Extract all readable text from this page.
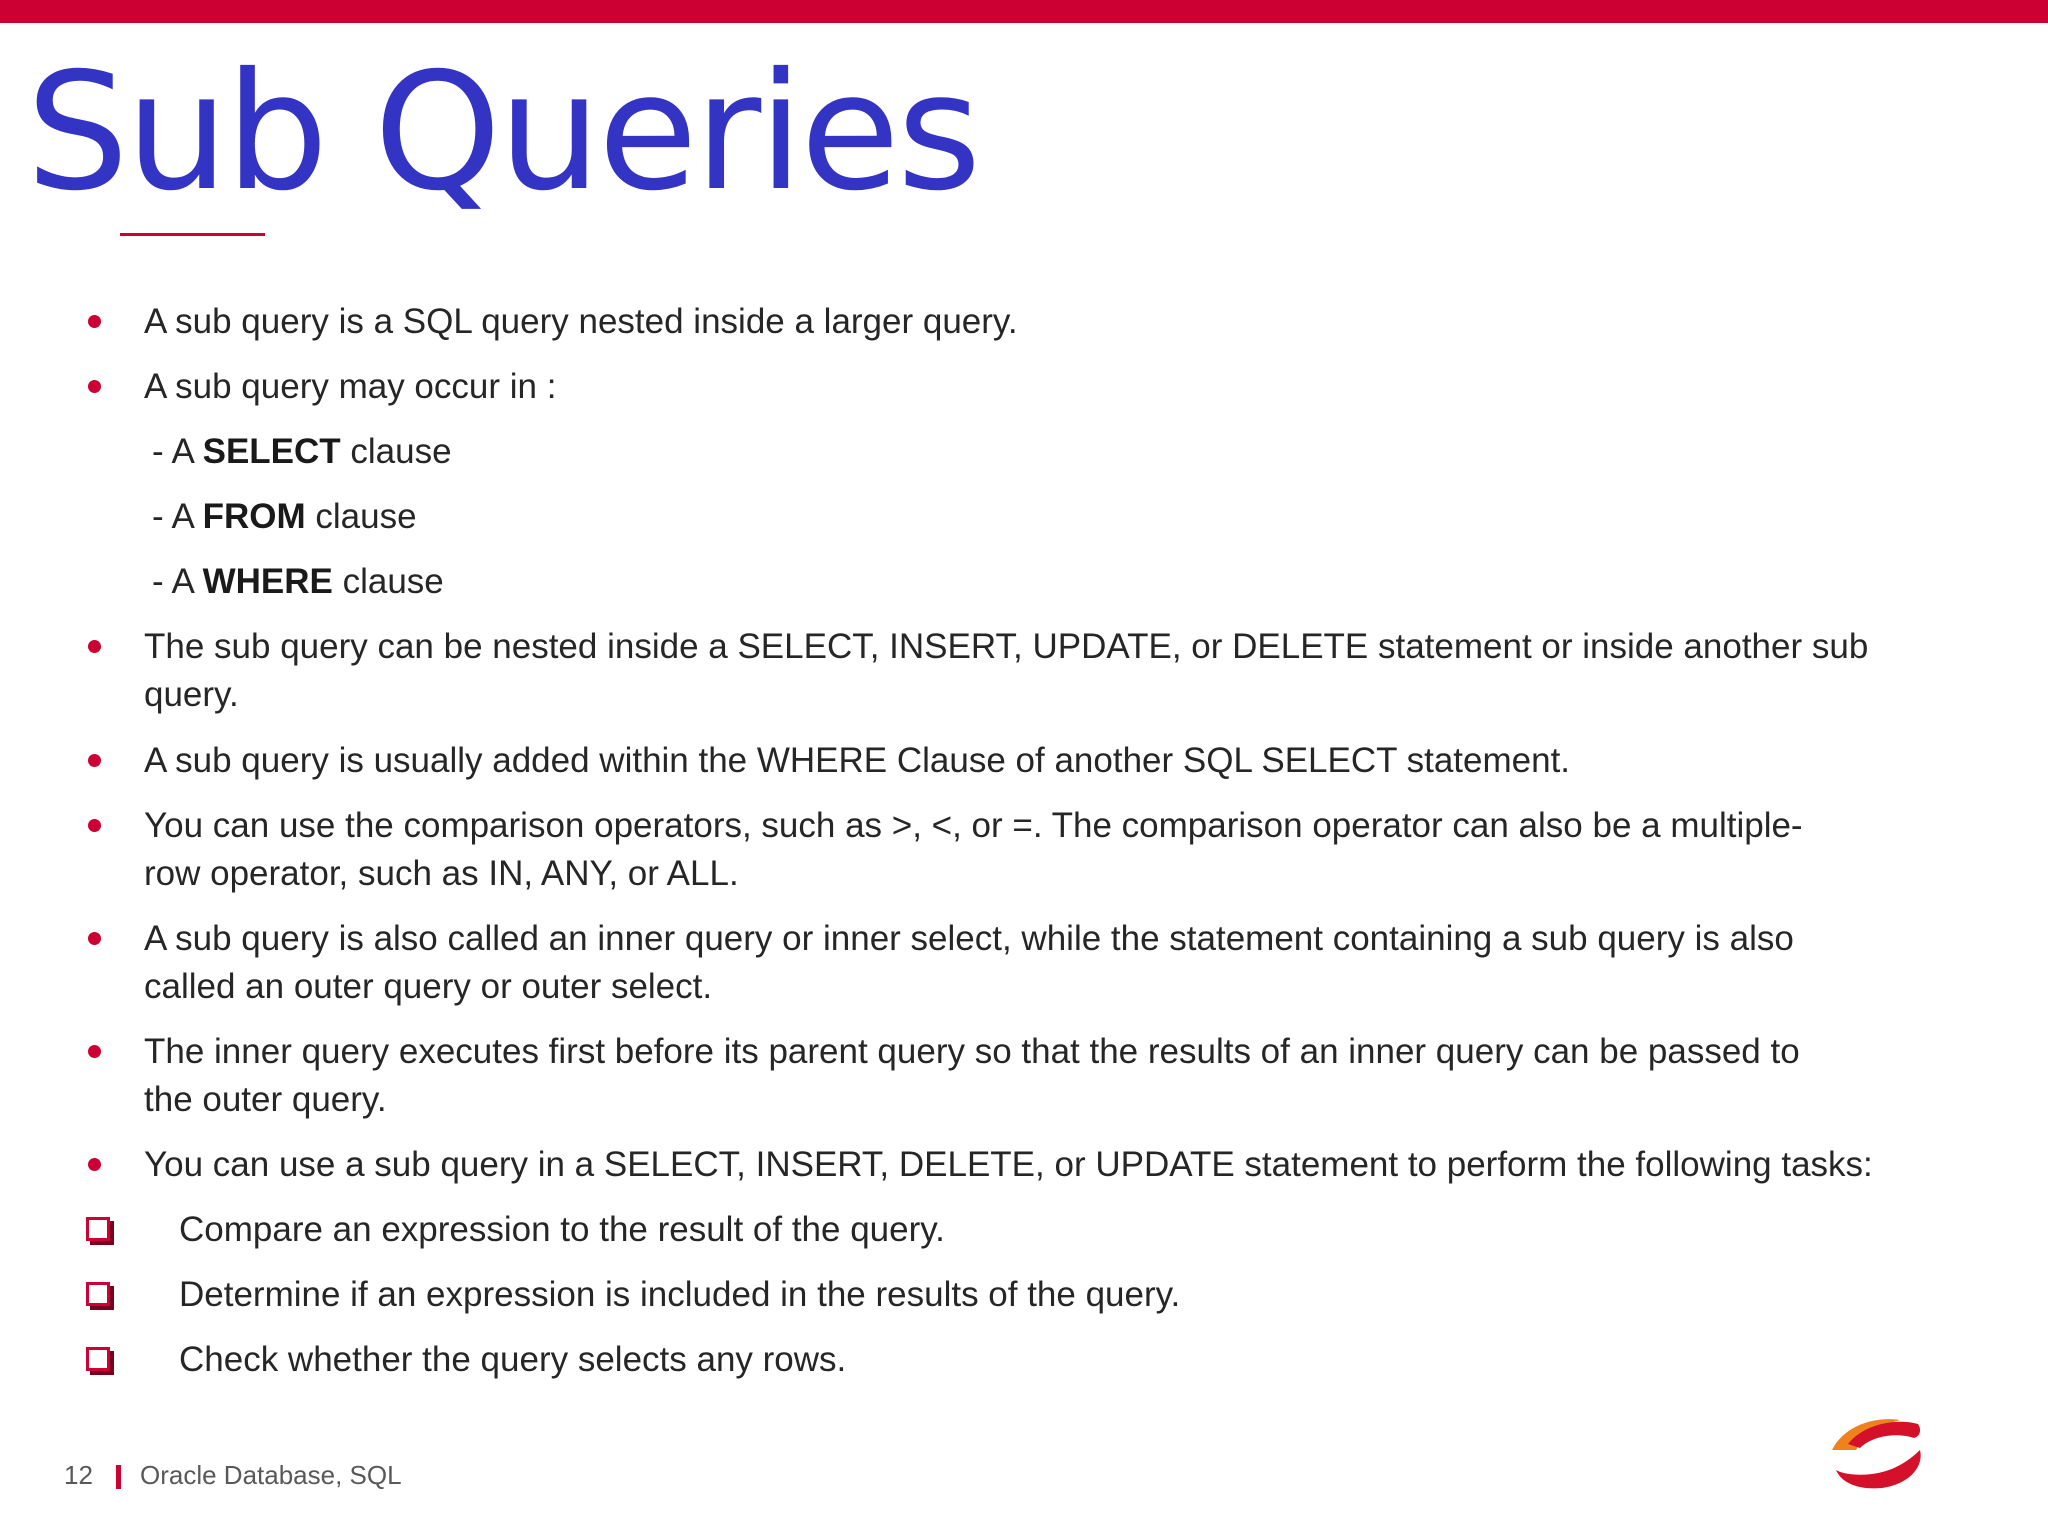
Sub Queries
A sub query is a SQL query nested inside a larger query.
A sub query may occur in :
- A SELECT clause
- A FROM clause
- A WHERE clause
The sub query can be nested inside a SELECT, INSERT, UPDATE, or DELETE statement or inside another sub
query.
A sub query is usually added within the WHERE Clause of another SQL SELECT statement.
You can use the comparison operators, such as >, <, or =. The comparison operator can also be a multiple-
row operator, such as IN, ANY, or ALL.
A sub query is also called an inner query or inner select, while the statement containing a sub query is also
called an outer query or outer select.
The inner query executes first before its parent query so that the results of an inner query can be passed to
the outer query.
You can use a sub query in a SELECT, INSERT, DELETE, or UPDATE statement to perform the following tasks:
Compare an expression to the result of the query.
Determine if an expression is included in the results of the query.
Check whether the query selects any rows.
12 Oracle Database, SQL
